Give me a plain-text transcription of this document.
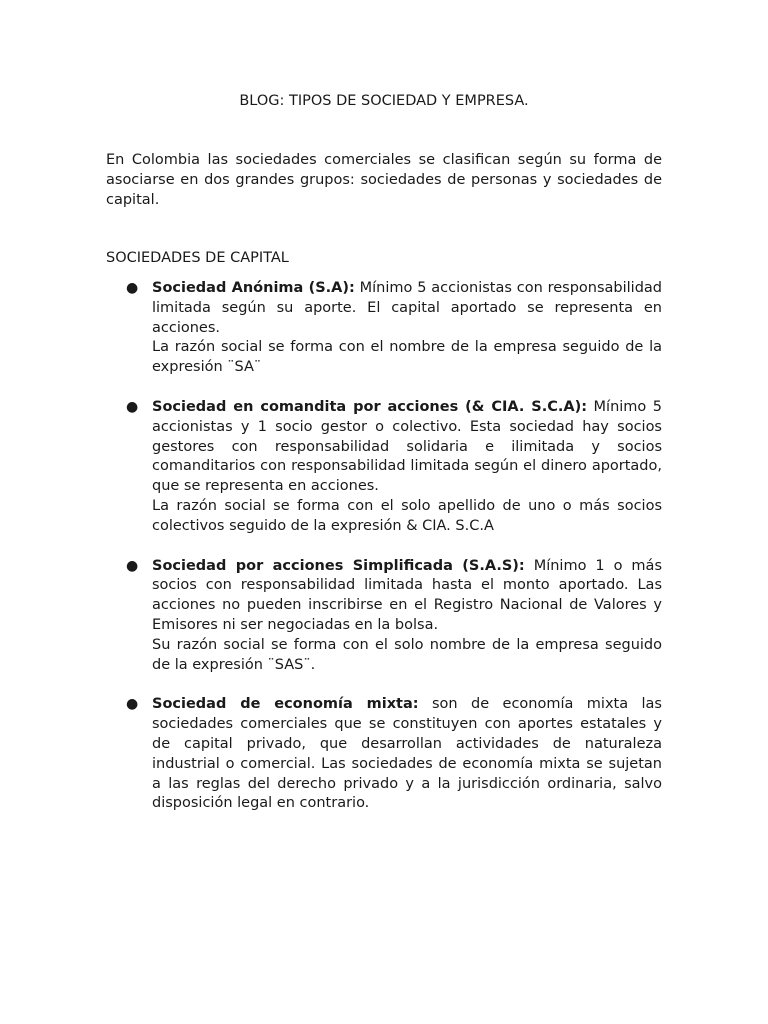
BLOG: TIPOS DE SOCIEDAD Y EMPRESA.

En Colombia las sociedades comerciales se clasifican según su forma de asociarse en dos grandes grupos: sociedades de personas y sociedades de capital.

SOCIEDADES DE CAPITAL
● Sociedad Anónima (S.A): Mínimo 5 accionistas con responsabilidad limitada según su aporte. El capital aportado se representa en acciones.
La razón social se forma con el nombre de la empresa seguido de la expresión ¨SA¨
● Sociedad en comandita por acciones (& CIA. S.C.A): Mínimo 5 accionistas y 1 socio gestor o colectivo. Esta sociedad hay socios gestores con responsabilidad solidaria e ilimitada y socios comanditarios con responsabilidad limitada según el dinero aportado, que se representa en acciones.
La razón social se forma con el solo apellido de uno o más socios colectivos seguido de la expresión & CIA. S.C.A
● Sociedad por acciones Simplificada (S.A.S): Mínimo 1 o más socios con responsabilidad limitada hasta el monto aportado. Las acciones no pueden inscribirse en el Registro Nacional de Valores y Emisores ni ser negociadas en la bolsa.
Su razón social se forma con el solo nombre de la empresa seguido de la expresión ¨SAS¨.
● Sociedad de economía mixta: son de economía mixta las sociedades comerciales que se constituyen con aportes estatales y de capital privado, que desarrollan actividades de naturaleza industrial o comercial. Las sociedades de economía mixta se sujetan a las reglas del derecho privado y a la jurisdicción ordinaria, salvo disposición legal en contrario.
